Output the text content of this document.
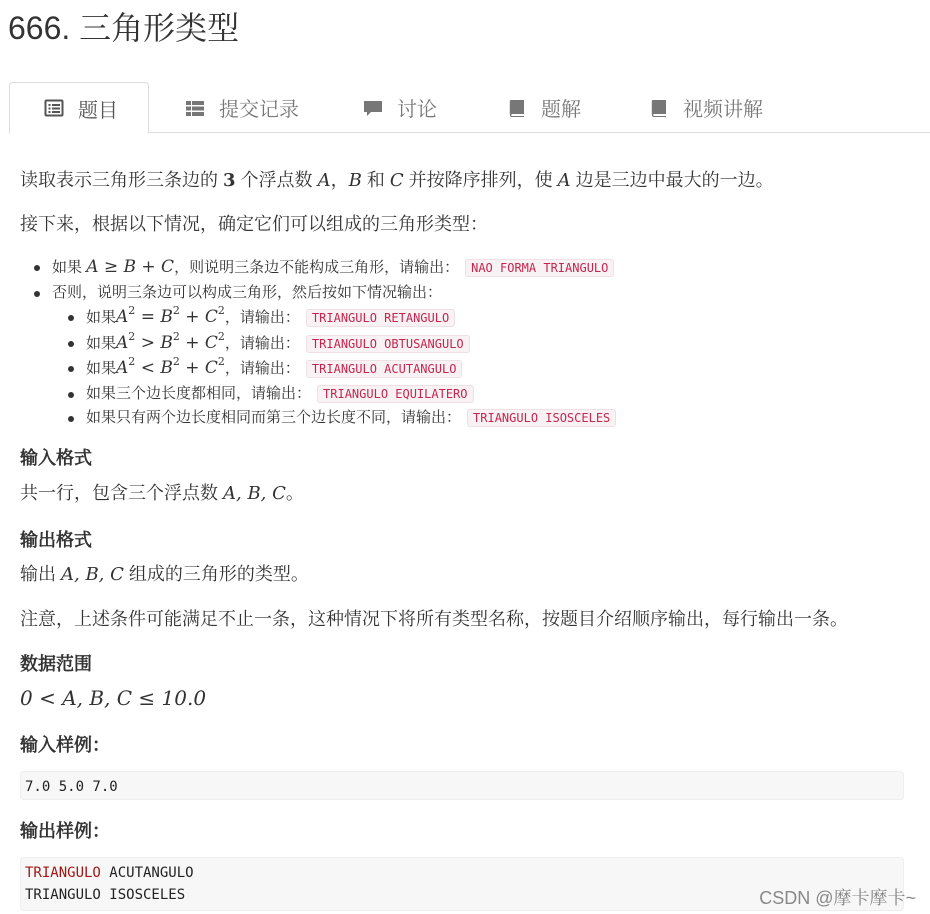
666. 三角形类型
题目	提交记录	讨论	题解	视频讲解
读取表示三角形三条边的 3 个浮点数 A，B 和 C 并按降序排列，使 A 边是三边中最大的一边。
接下来，根据以下情况，确定它们可以组成的三角形类型：
如果 A ≥ B + C，则说明三条边不能构成三角形，请输出： NAO FORMA TRIANGULO
否则，说明三条边可以构成三角形，然后按如下情况输出：
如果$A^2 = B^2 + C^2$，请输出： TRIANGULO RETANGULO
如果$A^2 > B^2 + C^2$，请输出： TRIANGULO OBTUSANGULO
如果$A^2 < B^2 + C^2$，请输出： TRIANGULO ACUTANGULO
如果三个边长度都相同，请输出： TRIANGULO EQUILATERO
如果只有两个边长度相同而第三个边长度不同，请输出： TRIANGULO ISOSCELES
输入格式
共一行，包含三个浮点数 A, B, C。
输出格式
输出 A, B, C 组成的三角形的类型。
注意，上述条件可能满足不止一条，这种情况下将所有类型名称，按题目介绍顺序输出，每行输出一条。
数据范围
0 < A, B, C ≤ 10.0
输入样例：
输出样例：
7.0 5.0 7.0
TRIANGULO ACUTANGULO
TRIANGULO ISOSCELES	CSDN @摩卡摩卡~
